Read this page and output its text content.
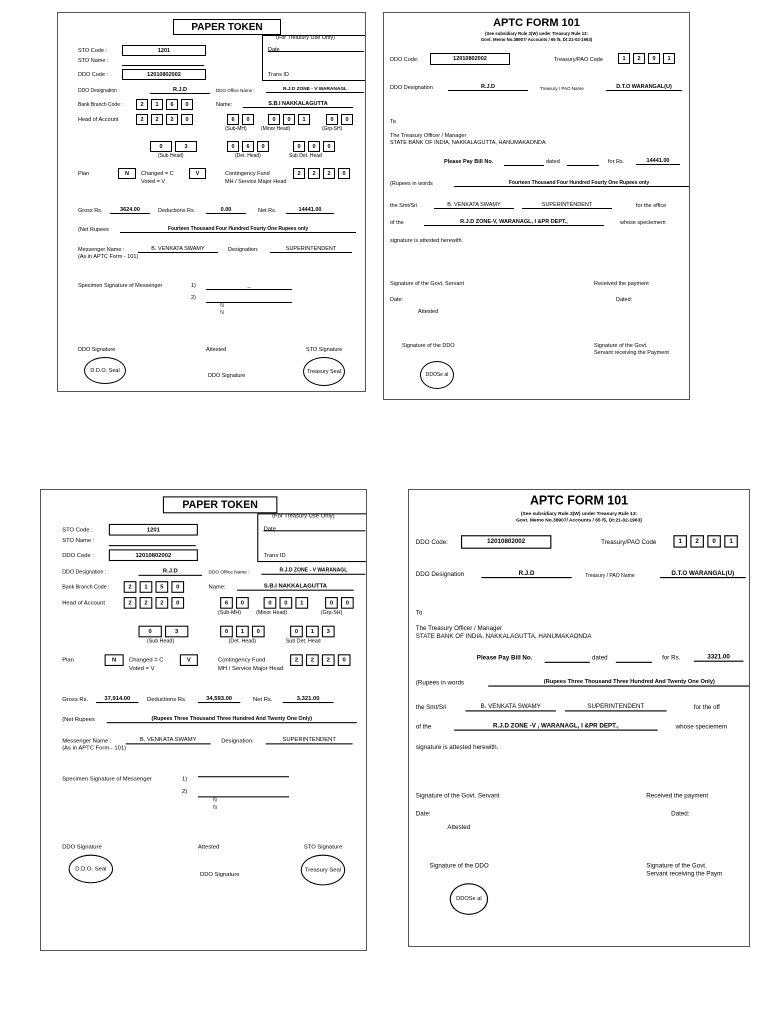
PAPER TOKEN
(For Treasury Use Only)
STO Code :	1201	Date
STO Name :
DDO Code :	12010802002	Trans ID
DDO Designation :	R.J.D	DDO Office Name :	R.J.D ZONE - V WARANAGL
Bank Branch Code :	2	1	6	0	Name:	S.B.I NAKKALAGUTTA
Head of Account	2	2	2	0	6	0	0	0	1	0	0
(Sub-MH)	(Minor Head)	(Grp-SH)
0	3	0	6	0	0	0	0
(Sub Head)	(Det. Head)	Sub Det. Head
Plan	N	Changed = C	V
Voted = V
Contingency Fund	2	2	2	0
MH / Service Major Head
Gross Rs.	3624.00	Deductions Rs.	0.00	Net Rs.	14441.00
(Net Rupees	Fourteen Thousand Four Hundred Fourty One Rupees only
Messenger Name :	B. VENKATA SWAMY	Designation:	SUPERINTENDENT
(As in APTC Form - 101)
Specimen Signature of Messenger	1)	_
2)
\\\
\\\
DDO Signature	Attested	STO Signature
D.D.O. Seal
DDO Signature
Treasury Seal
APTC FORM 101
(See subsidiary Rule 2(W) under Treasury Rule 13:
Govt. Memo No.38907/ Accounts / 65 /5, Dt:21-02-1963)
DDO Code:	12010802002	Treasury/PAO Code	1	2	0	1
DDO Designation	R.J.D	Treasury / PAO Name	D.T.O WARANGAL(U)
To
The Treasury Officer / Manager
STATE BANK OF INDIA, NAKKALAGUTTA, HANUMAKAONDA
Please Pay Bill No.	dated	for Rs.	14441.00
(Rupees in words	Fourteen Thousand Four Hundred Fourty One Rupees only
the Smt/Sri	B. VENKATA SWAMY	SUPERINTENDENT	for the office
of the	R.J.D ZONE-V, WARANAGL, I &PR DEPT.,	whose speciemem
signature is attested herewith.
Signature of the Govt. Servant	Received the payment
Date:	Dated:
Attested
Signature of the DDO	Signature of the Govt.
Servant receiving the Payment
DDOSe al
PAPER TOKEN
(For Treasury Use Only)
STO Code :	1201	Date
STO Name :
DDO Code :	12010802002	Trans ID
DDO Designation :	R.J.D	DDO Office Name :	R.J.D ZONE - V WARANAGL
Bank Branch Code :	2	1	5	0	Name:	S.B.I NAKKALAGUTTA
Head of Account	2	2	2	0	6	0	0	0	1	0	0
(Sub-MH)	(Minor Head)	(Grp-SH)
0	3	0	1	0	0	1	3
(Sub Head)	(Det. Head)	Sub Det. Head
Plan	N	Changed = C	V
Voted = V
Contingency Fund	2	2	2	0
MH / Service Major Head
Gross Rs.	37,914.00	Deductions Rs.	34,593.00	Net Rs.	3,321.00
(Net Rupees	(Rupees Three Thousand Three Hundred And Twenty One Only)
Messenger Name :	B. VENKATA SWAMY	Designation:	SUPERINTENDENT
(As in APTC Form - 101)
Specimen Signature of Messenger	1)
2)
\\\
\\\
DDO Signature	Attested	STO Signature
D.D.O. Seal
DDO Signature
Treasury Seal
APTC FORM 101
(See subsidiary Rule 2(W) under Treasury Rule 13:
Govt. Memo No.38907/ Accounts / 65 /5, Dt:21-02-1963)
DDO Code:	12010802002	Treasury/PAO Code	1	2	0	1
DDO Designation	R.J.D	Treasury / PAO Name	D.T.O WARANGAL(U)
To
The Treasury Officer / Manager
STATE BANK OF INDIA, NAKKALAGUTTA, HANUMAKAONDA
Please Pay Bill No.	dated	for Rs.	3321.00
(Rupees in words	(Rupees Three Thousand Three Hundred And Twenty One Only)
the Smt/Sri	B. VENKATA SWAMY	SUPERINTENDENT	for the off
of the	R.J.D ZONE -V , WARANAGL, I &PR DEPT.,	whose speciemem
signature is attested herewith.
Signature of the Govt. Servant	Received the payment
Date:	Dated:
Attested
Signature of the DDO	Signature of the Govt.
Servant receiving the Paym
DDOSe al
